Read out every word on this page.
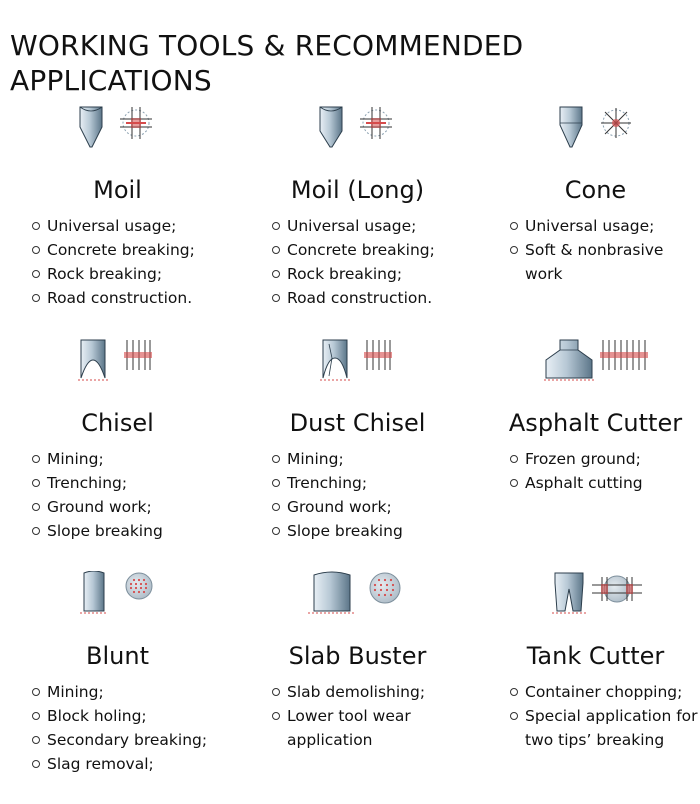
WORKING TOOLS & RECOMMENDED APPLICATIONS
Moil
Universal usage;
Concrete breaking;
Rock breaking;
Road construction.
Moil (Long)
Universal usage;
Concrete breaking;
Rock breaking;
Road construction.
Cone
Universal usage;
Soft & nonbrasive work
Chisel
Mining;
Trenching;
Ground work;
Slope breaking
Dust Chisel
Mining;
Trenching;
Ground work;
Slope breaking
Asphalt Cutter
Frozen ground;
Asphalt cutting
Blunt
Mining;
Block holing;
Secondary breaking;
Slag removal;
Slab Buster
Slab demolishing;
Lower tool wear application
Tank Cutter
Container chopping;
Special application for two tips’ breaking
